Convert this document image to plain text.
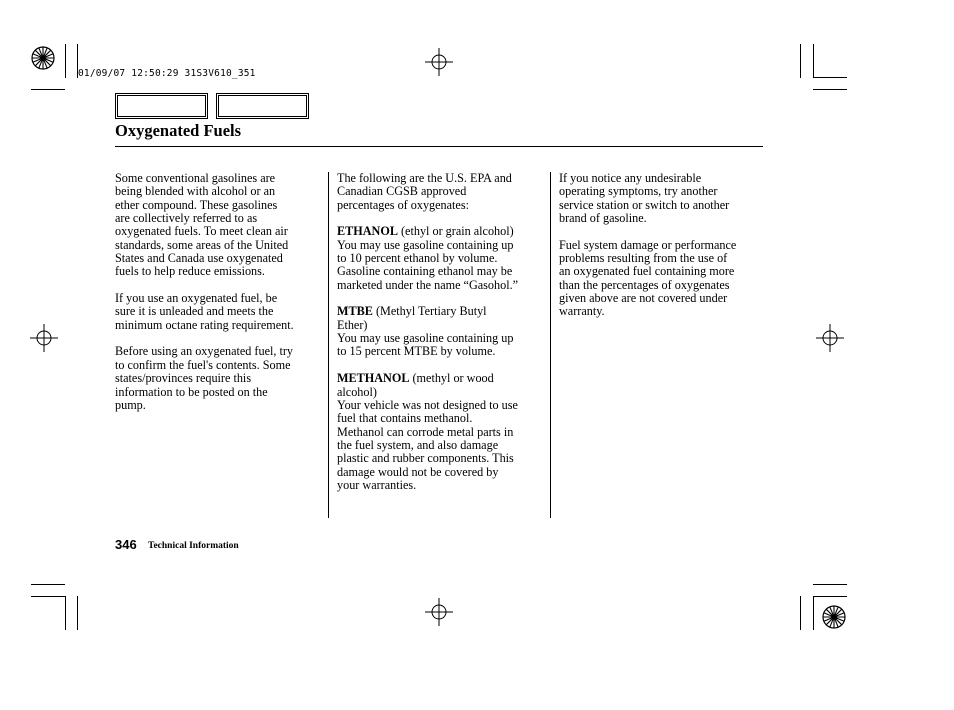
01/09/07 12:50:29 31S3V610_351
Oxygenated Fuels

Some conventional gasolines are
being blended with alcohol or an
ether compound. These gasolines
are collectively referred to as
oxygenated fuels. To meet clean air
standards, some areas of the United
States and Canada use oxygenated
fuels to help reduce emissions.

If you use an oxygenated fuel, be
sure it is unleaded and meets the
minimum octane rating requirement.

Before using an oxygenated fuel, try
to confirm the fuel's contents. Some
states/provinces require this
information to be posted on the
pump.

The following are the U.S. EPA and
Canadian CGSB approved
percentages of oxygenates:

ETHANOL (ethyl or grain alcohol)
You may use gasoline containing up
to 10 percent ethanol by volume.
Gasoline containing ethanol may be
marketed under the name “Gasohol.”

MTBE (Methyl Tertiary Butyl
Ether)
You may use gasoline containing up
to 15 percent MTBE by volume.

METHANOL (methyl or wood
alcohol)
Your vehicle was not designed to use
fuel that contains methanol.
Methanol can corrode metal parts in
the fuel system, and also damage
plastic and rubber components. This
damage would not be covered by
your warranties.

If you notice any undesirable
operating symptoms, try another
service station or switch to another
brand of gasoline.

Fuel system damage or performance
problems resulting from the use of
an oxygenated fuel containing more
than the percentages of oxygenates
given above are not covered under
warranty.

346 Technical Information
